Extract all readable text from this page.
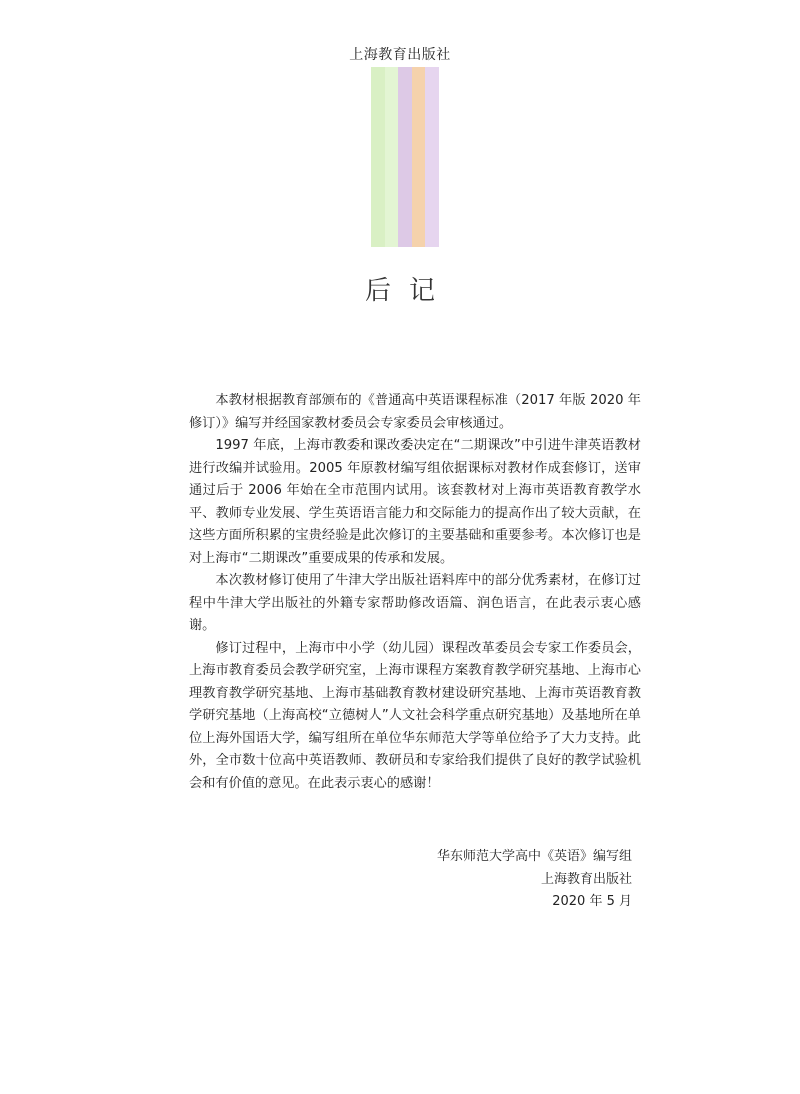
上海教育出版社
后记

本教材根据教育部颁布的《普通高中英语课程标准（2017 年版 2020 年修订）》编写并经国家教材委员会专家委员会审核通过。

1997 年底，上海市教委和课改委决定在“二期课改”中引进牛津英语教材进行改编并试验用。2005 年原教材编写组依据课标对教材作成套修订，送审通过后于 2006 年始在全市范围内试用。该套教材对上海市英语教育教学水平、教师专业发展、学生英语语言能力和交际能力的提高作出了较大贡献，在这些方面所积累的宝贵经验是此次修订的主要基础和重要参考。本次修订也是对上海市“二期课改”重要成果的传承和发展。

本次教材修订使用了牛津大学出版社语料库中的部分优秀素材，在修订过程中牛津大学出版社的外籍专家帮助修改语篇、润色语言，在此表示衷心感谢。

修订过程中，上海市中小学（幼儿园）课程改革委员会专家工作委员会，上海市教育委员会教学研究室，上海市课程方案教育教学研究基地、上海市心理教育教学研究基地、上海市基础教育教材建设研究基地、上海市英语教育教学研究基地（上海高校“立德树人”人文社会科学重点研究基地）及基地所在单位上海外国语大学，编写组所在单位华东师范大学等单位给予了大力支持。此外，全市数十位高中英语教师、教研员和专家给我们提供了良好的教学试验机会和有价值的意见。在此表示衷心的感谢！

华东师范大学高中《英语》编写组
上海教育出版社
2020 年 5 月
